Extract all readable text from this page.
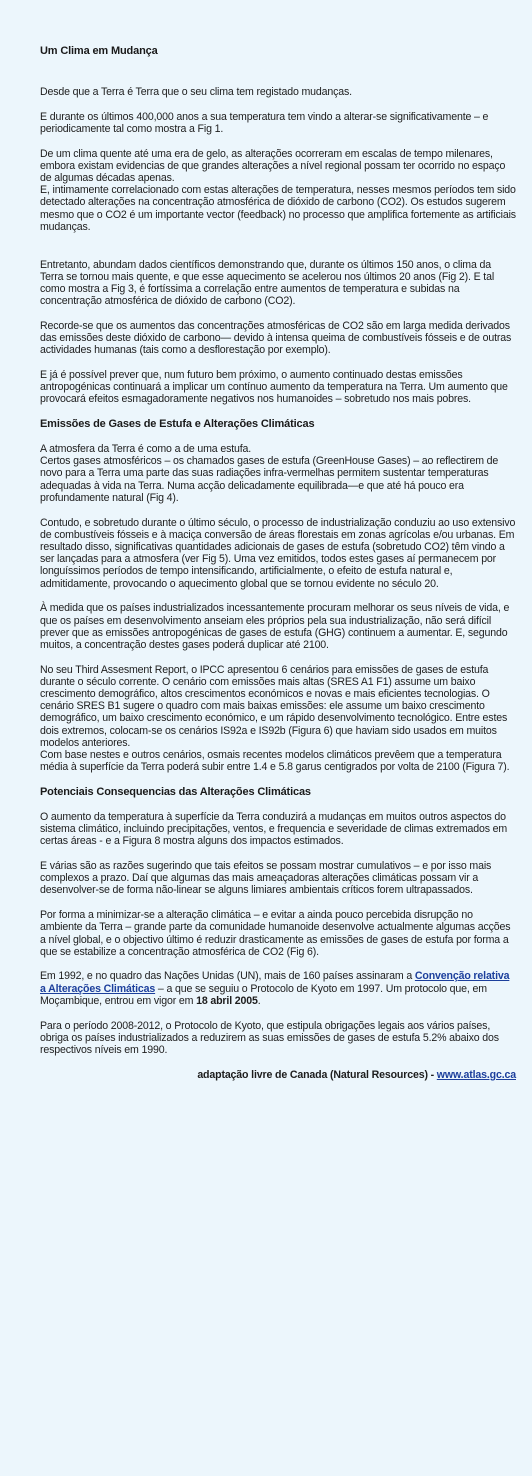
Um Clima em Mudança

Desde que a Terra é Terra que o seu clima tem registado mudanças.

E durante os últimos 400,000 anos a sua temperatura tem vindo a alterar-se significativamente – e periodicamente tal como mostra a Fig 1.

De um clima quente até uma era de gelo, as alterações ocorreram em escalas de tempo milenares, embora existam evidencias de que grandes alterações a nível regional possam ter ocorrido no espaço de algumas décadas apenas.

E, intimamente correlacionado com estas alterações de temperatura, nesses mesmos períodos tem sido detectado alterações na concentração atmosférica de dióxido de carbono (CO2). Os estudos sugerem mesmo que o CO2 é um importante vector (feedback) no processo que amplifica fortemente as artificiais mudanças.

Entretanto, abundam dados científicos demonstrando que, durante os últimos 150 anos, o clima da Terra se tornou mais quente, e que esse aquecimento se acelerou nos últimos 20 anos (Fig 2). E tal como mostra a Fig 3, é fortíssima a correlação entre aumentos de temperatura e subidas na concentração atmosférica de dióxido de carbono (CO2).

Recorde-se que os aumentos das concentrações atmosféricas de CO2 são em larga medida derivados das emissões deste dióxido de carbono— devido à intensa queima de combustíveis fósseis e de outras actividades humanas (tais como a desflorestação por exemplo).

E já é possível prever que, num futuro bem próximo, o aumento continuado destas emissões antropogénicas continuará a implicar um contínuo aumento da temperatura na Terra. Um aumento que provocará efeitos esmagadoramente negativos nos humanoides – sobretudo nos mais pobres.

Emissões de Gases de Estufa e Alterações Climáticas

A atmosfera da Terra é como a de uma estufa.

Certos gases atmosféricos – os chamados gases de estufa (GreenHouse Gases) – ao reflectirem de novo para a Terra uma parte das suas radiações infra-vermelhas permitem sustentar temperaturas adequadas à vida na Terra. Numa acção delicadamente equilibrada—e que até há pouco era profundamente natural (Fig 4).

Contudo, e sobretudo durante o último século, o processo de industrialização conduziu ao uso extensivo de combustíveis fósseis e à maciça conversão de áreas florestais em zonas agrícolas e/ou urbanas. Em resultado disso, significativas quantidades adicionais de gases de estufa (sobretudo CO2) têm vindo a ser lançadas para a atmosfera (ver Fig 5). Uma vez emitidos, todos estes gases aí permanecem por longuíssimos períodos de tempo intensificando, artificialmente, o efeito de estufa natural e, admitidamente, provocando o aquecimento global que se tornou evidente no século 20.

À medida que os países industrializados incessantemente procuram melhorar os seus níveis de vida, e que os países em desenvolvimento anseiam eles próprios pela sua industrialização, não será difícil prever que as emissões antropogénicas de gases de estufa (GHG) continuem a aumentar. E, segundo muitos, a concentração destes gases poderá duplicar até 2100.

No seu Third Assesment Report, o IPCC apresentou 6 cenários para emissões de gases de estufa durante o século corrente. O cenário com emissões mais altas (SRES A1 F1) assume um baixo crescimento demográfico, altos crescimentos económicos e novas e mais eficientes tecnologias. O cenário SRES B1 sugere o quadro com mais baixas emissões: ele assume um baixo crescimento demográfico, um baixo crescimento económico, e um rápido desenvolvimento tecnológico. Entre estes dois extremos, colocam-se os cenários IS92a e IS92b (Figura 6) que haviam sido usados em muitos modelos anteriores.

Com base nestes e outros cenários, osmais recentes modelos climáticos prevêem que a temperatura média à superfície da Terra poderá subir entre 1.4 e 5.8 garus centigrados por volta de 2100 (Figura 7).

Potenciais Consequencias das Alterações Climáticas

O aumento da temperatura à superfície da Terra conduzirá a mudanças em muitos outros aspectos do sistema climático, incluindo precipitações, ventos, e frequencia e severidade de climas extremados em certas áreas - e a Figura 8 mostra alguns dos impactos estimados.

E várias são as razões sugerindo que tais efeitos se possam mostrar cumulativos – e por isso mais complexos a prazo. Daí que algumas das mais ameaçadoras alterações climáticas possam vir a desenvolver-se de forma não-linear se alguns limiares ambientais críticos forem ultrapassados.

Por forma a minimizar-se a alteração climática – e evitar a ainda pouco percebida disrupção no ambiente da Terra – grande parte da comunidade humanoide desenvolve actualmente algumas acções a nível global, e o objectivo último é reduzir drasticamente as emissões de gases de estufa por forma a que se estabilize a concentração atmosférica de CO2 (Fig 6).

Em 1992, e no quadro das Nações Unidas (UN), mais de 160 países assinaram a Convenção relativa a Alterações Climáticas – a que se seguiu o Protocolo de Kyoto em 1997. Um protocolo que, em Moçambique, entrou em vigor em 18 abril 2005.

Para o período 2008-2012, o Protocolo de Kyoto, que estipula obrigações legais aos vários países, obriga os países industrializados a reduzirem as suas emissões de gases de estufa 5.2% abaixo dos respectivos níveis em 1990.

adaptação livre de Canada (Natural Resources) - www.atlas.gc.ca
